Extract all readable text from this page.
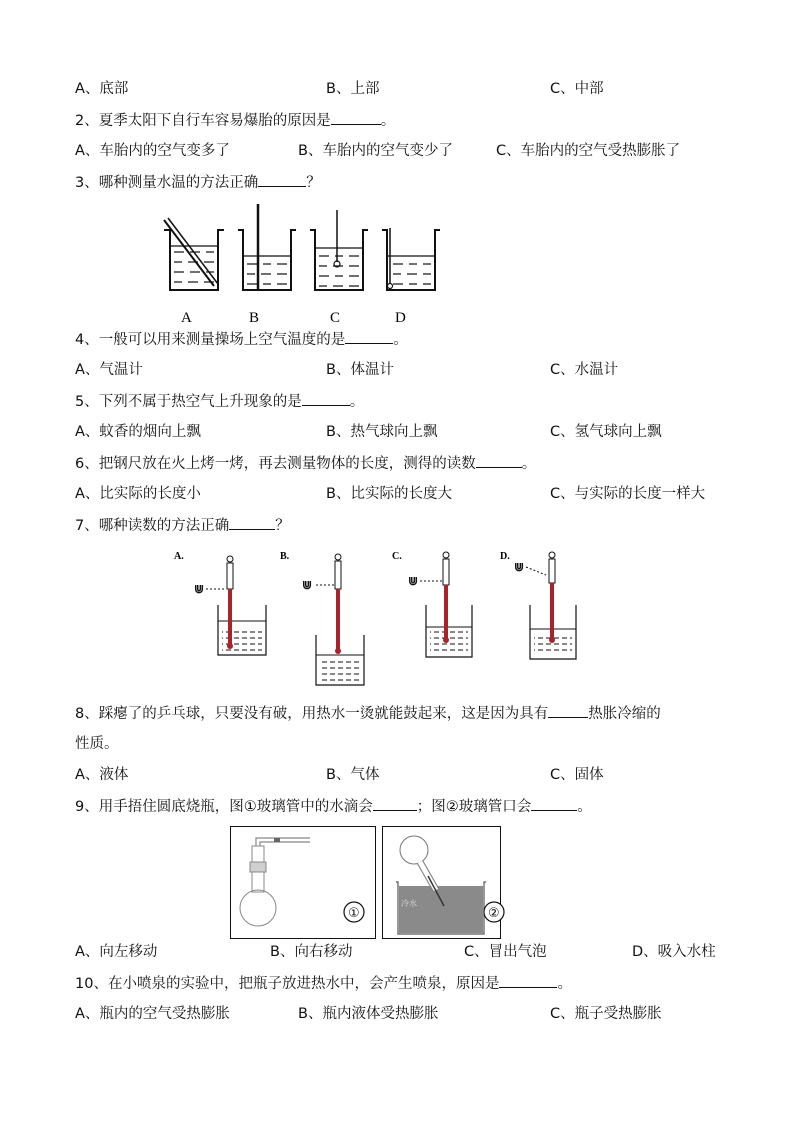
A、底部	B、上部	C、中部
2、夏季太阳下自行车容易爆胎的原因是	。
A、车胎内的空气变多了	B、车胎内的空气变少了	C、车胎内的空气受热膨胀了
3、哪种测量水温的方法正确	？
A	B	C	D
4、一般可以用来测量操场上空气温度的是	。
A、气温计	B、体温计	C、水温计
5、下列不属于热空气上升现象的是	。
A、蚊香的烟向上飘	B、热气球向上飘	C、氢气球向上飘
6、把钢尺放在火上烤一烤，再去测量物体的长度，测得的读数	。
A、比实际的长度小	B、比实际的长度大	C、与实际的长度一样大
7、哪种读数的方法正确	？
A.
⋓
B.
⋓
C.
⋓
D.
⋓
8、踩瘪了的乒乓球，只要没有破，用热水一烫就能鼓起来，这是因为具有	热胀冷缩的
性质。
A、液体	B、气体	C、固体
9、用手捂住圆底烧瓶，图①玻璃管中的水滴会	；图②玻璃管口会	。
①
冷水
②
A、向左移动	B、向右移动	C、冒出气泡	D、吸入水柱
10、在小喷泉的实验中，把瓶子放进热水中，会产生喷泉，原因是	。
A、瓶内的空气受热膨胀	B、瓶内液体受热膨胀	C、瓶子受热膨胀
